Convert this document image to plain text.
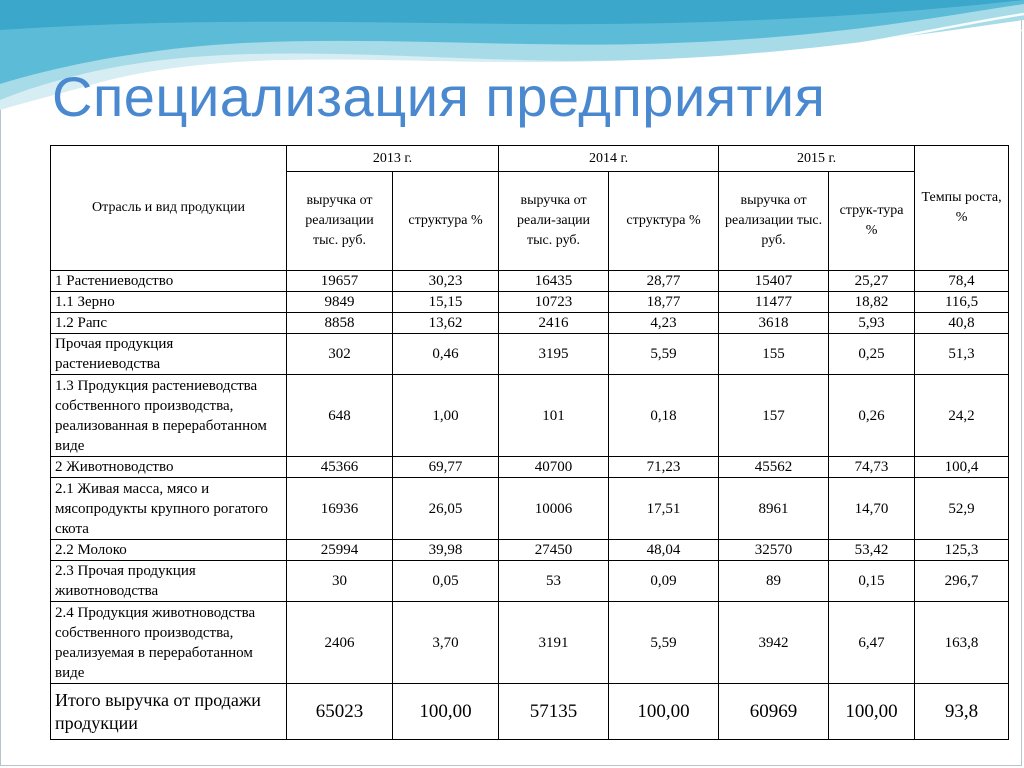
Специализация предприятия
Отрасль и вид продукции	2013 г.		2014 г.		2015 г.		Темпы роста, %
	выручка от реализации тыс. руб.	структура %	выручка от реали-зации тыс. руб.	структура %	выручка от реализации тыс. руб.	струк-тура %	
1 Растениеводство	19657	30,23	16435	28,77	15407	25,27	78,4
1.1 Зерно	9849	15,15	10723	18,77	11477	18,82	116,5
1.2 Рапс	8858	13,62	2416	4,23	3618	5,93	40,8
Прочая продукция растениеводства	302	0,46	3195	5,59	155	0,25	51,3
1.3 Продукция растениеводства собственного производства, реализованная в переработанном виде	648	1,00	101	0,18	157	0,26	24,2
2 Животноводство	45366	69,77	40700	71,23	45562	74,73	100,4
2.1 Живая масса, мясо и мясопродукты крупного рогатого скота	16936	26,05	10006	17,51	8961	14,70	52,9
2.2 Молоко	25994	39,98	27450	48,04	32570	53,42	125,3
2.3 Прочая продукция животноводства	30	0,05	53	0,09	89	0,15	296,7
2.4 Продукция животноводства собственного производства, реализуемая в переработанном виде	2406	3,70	3191	5,59	3942	6,47	163,8
Итого выручка от продажи продукции	65023	100,00	57135	100,00	60969	100,00	93,8
